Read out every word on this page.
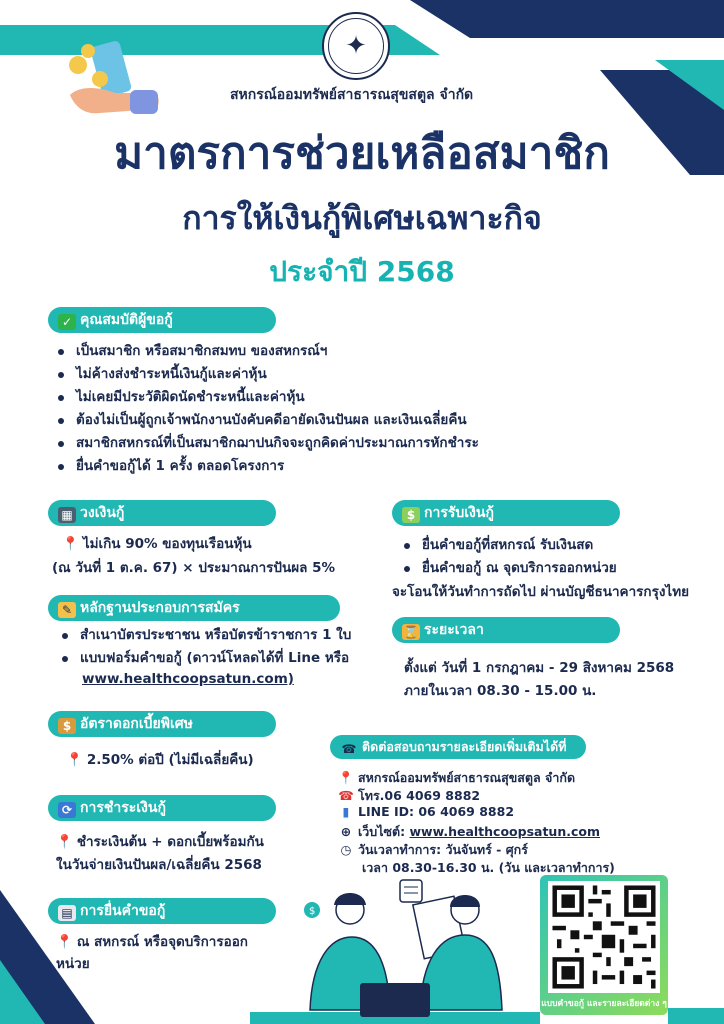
✦
สหกรณ์ออมทรัพย์สาธารณสุขสตูล จำกัด
มาตรการช่วยเหลือสมาชิก
การให้เงินกู้พิเศษเฉพาะกิจ
ประจำปี 2568
✓ คุณสมบัติผู้ขอกู้
เป็นสมาชิก หรือสมาชิกสมทบ ของสหกรณ์ฯ
ไม่ค้างส่งชำระหนี้เงินกู้และค่าหุ้น
ไม่เคยมีประวัติผิดนัดชำระหนี้และค่าหุ้น
ต้องไม่เป็นผู้ถูกเจ้าพนักงานบังคับคดีอายัดเงินปันผล และเงินเฉลี่ยคืน
สมาชิกสหกรณ์ที่เป็นสมาชิกฌาปนกิจจะถูกคิดค่าประมาณการหักชำระ
ยื่นคำขอกู้ได้ 1 ครั้ง ตลอดโครงการ
▦ วงเงินกู้
📍 ไม่เกิน 90% ของทุนเรือนหุ้น
(ณ วันที่ 1 ต.ค. 67) × ประมาณการปันผล 5%
✎ หลักฐานประกอบการสมัคร
สำเนาบัตรประชาชน หรือบัตรข้าราชการ 1 ใบ
แบบฟอร์มคำขอกู้ (ดาวน์โหลดได้ที่ Line หรือ
www.healthcoopsatun.com)
$ อัตราดอกเบี้ยพิเศษ
📍 2.50% ต่อปี (ไม่มีเฉลี่ยคืน)
⟳ การชำระเงินกู้
📍 ชำระเงินต้น + ดอกเบี้ยพร้อมกัน
ในวันจ่ายเงินปันผล/เฉลี่ยคืน 2568
▤ การยื่นคำขอกู้
📍 ณ สหกรณ์ หรือจุดบริการออก
หน่วย
$ การรับเงินกู้
ยื่นคำขอกู้ที่สหกรณ์ รับเงินสด
ยื่นคำขอกู้ ณ จุดบริการออกหน่วย
จะโอนให้วันทำการถัดไป ผ่านบัญชีธนาคารกรุงไทย
⌛ ระยะเวลา
ตั้งแต่ วันที่ 1 กรกฎาคม - 29 สิงหาคม 2568
ภายในเวลา 08.30 - 15.00 น.
☎ ติดต่อสอบถามรายละเอียดเพิ่มเติมได้ที่
📍 สหกรณ์ออมทรัพย์สาธารณสุขสตูล จำกัด
☎ โทร.06 4069 8882
▮ LINE ID: 06 4069 8882
⊕ เว็บไซต์: www.healthcoopsatun.com
◷ วันเวลาทำการ: วันจันทร์ - ศุกร์
เวลา 08.30-16.30 น. (วัน และเวลาทำการ)
$
แบบคำขอกู้ และรายละเอียดต่าง ๆ
